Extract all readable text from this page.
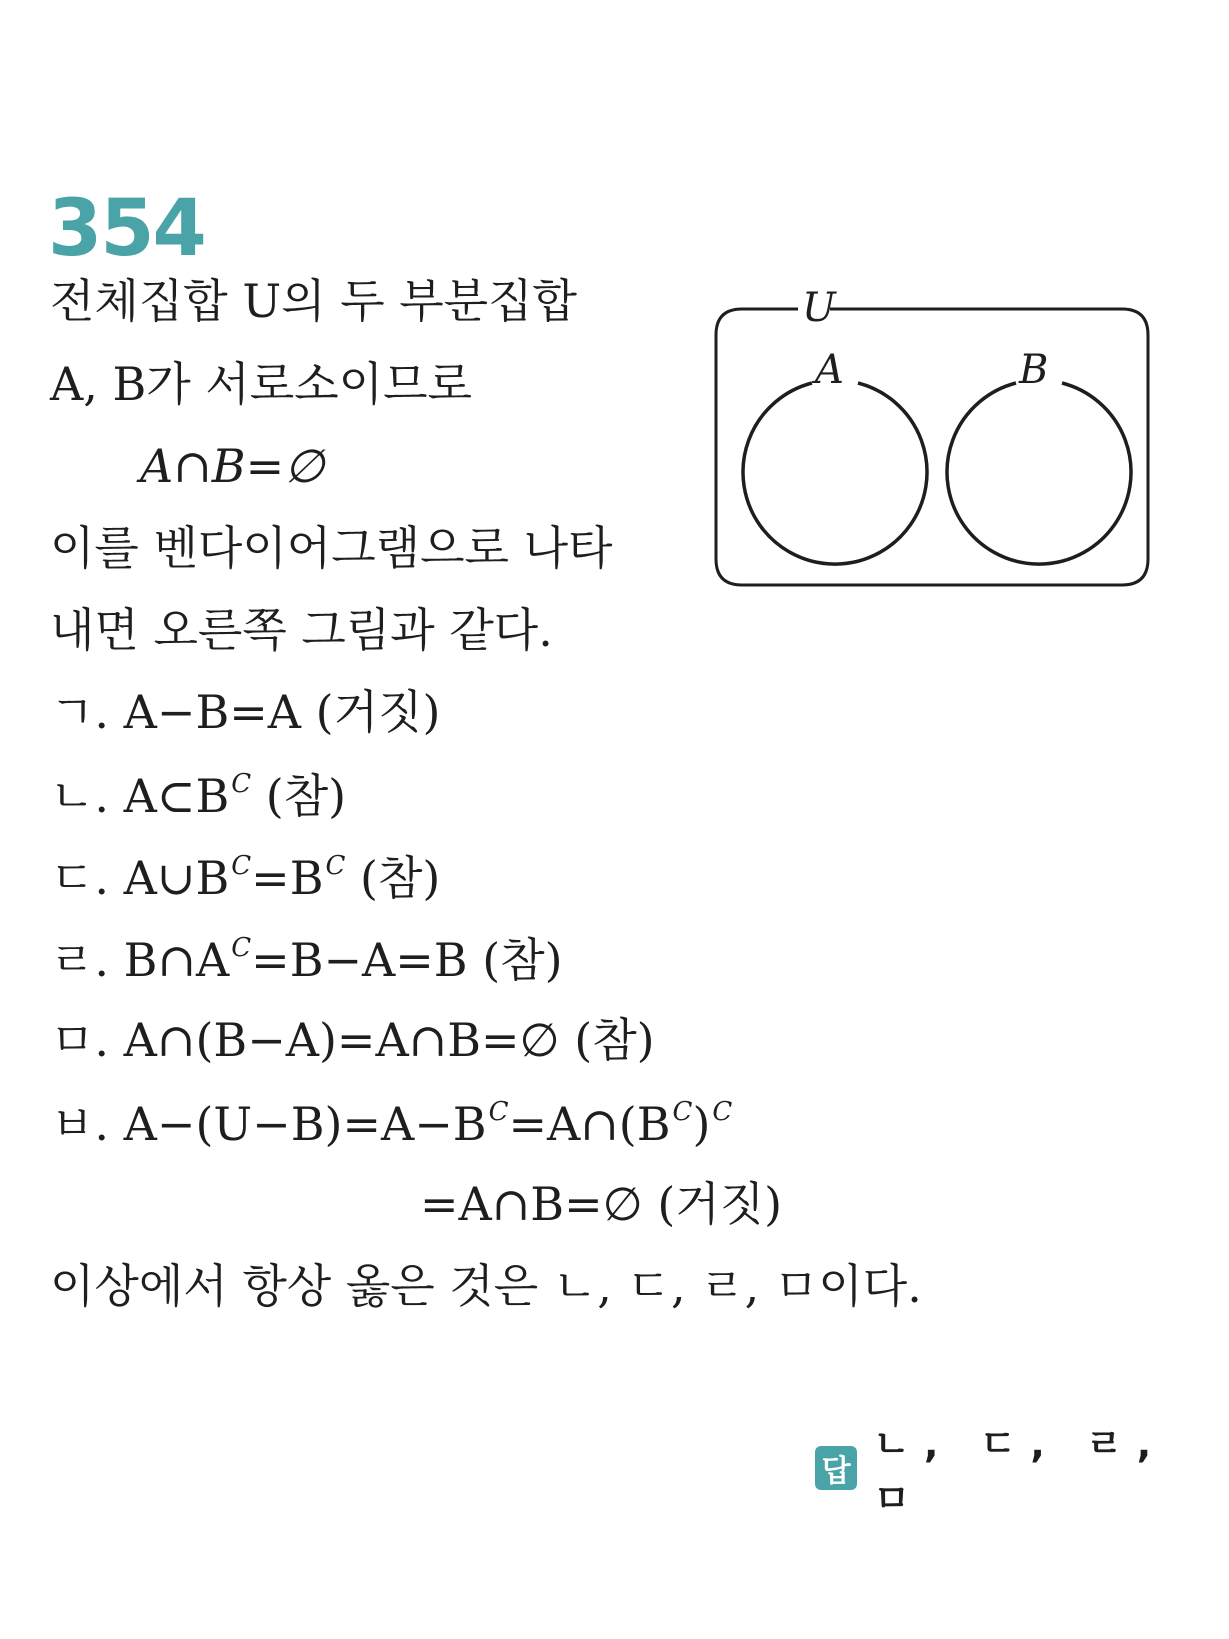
354
전체집합 U의 두 부분집합
A, B가 서로소이므로
A∩B=∅
이를 벤다이어그램으로 나타
내면 오른쪽 그림과 같다.
ㄱ. A−B=A (거짓)
ㄴ. $A\subset B^C$ (참)
ㄷ. $A\cup B^C=B^C$ (참)
ㄹ. $B\cap A^C=B-A=B$ (참)
ㅁ. A∩(B−A)=A∩B=∅ (참)
ㅂ. $A-(U-B)=A-B^C=A\cap(B^C)^C$
=A∩B=∅ (거짓)
이상에서 항상 옳은 것은 ㄴ, ㄷ, ㄹ, ㅁ이다.
U
A	B
답
ㄴ, ㄷ, ㄹ, ㅁ
